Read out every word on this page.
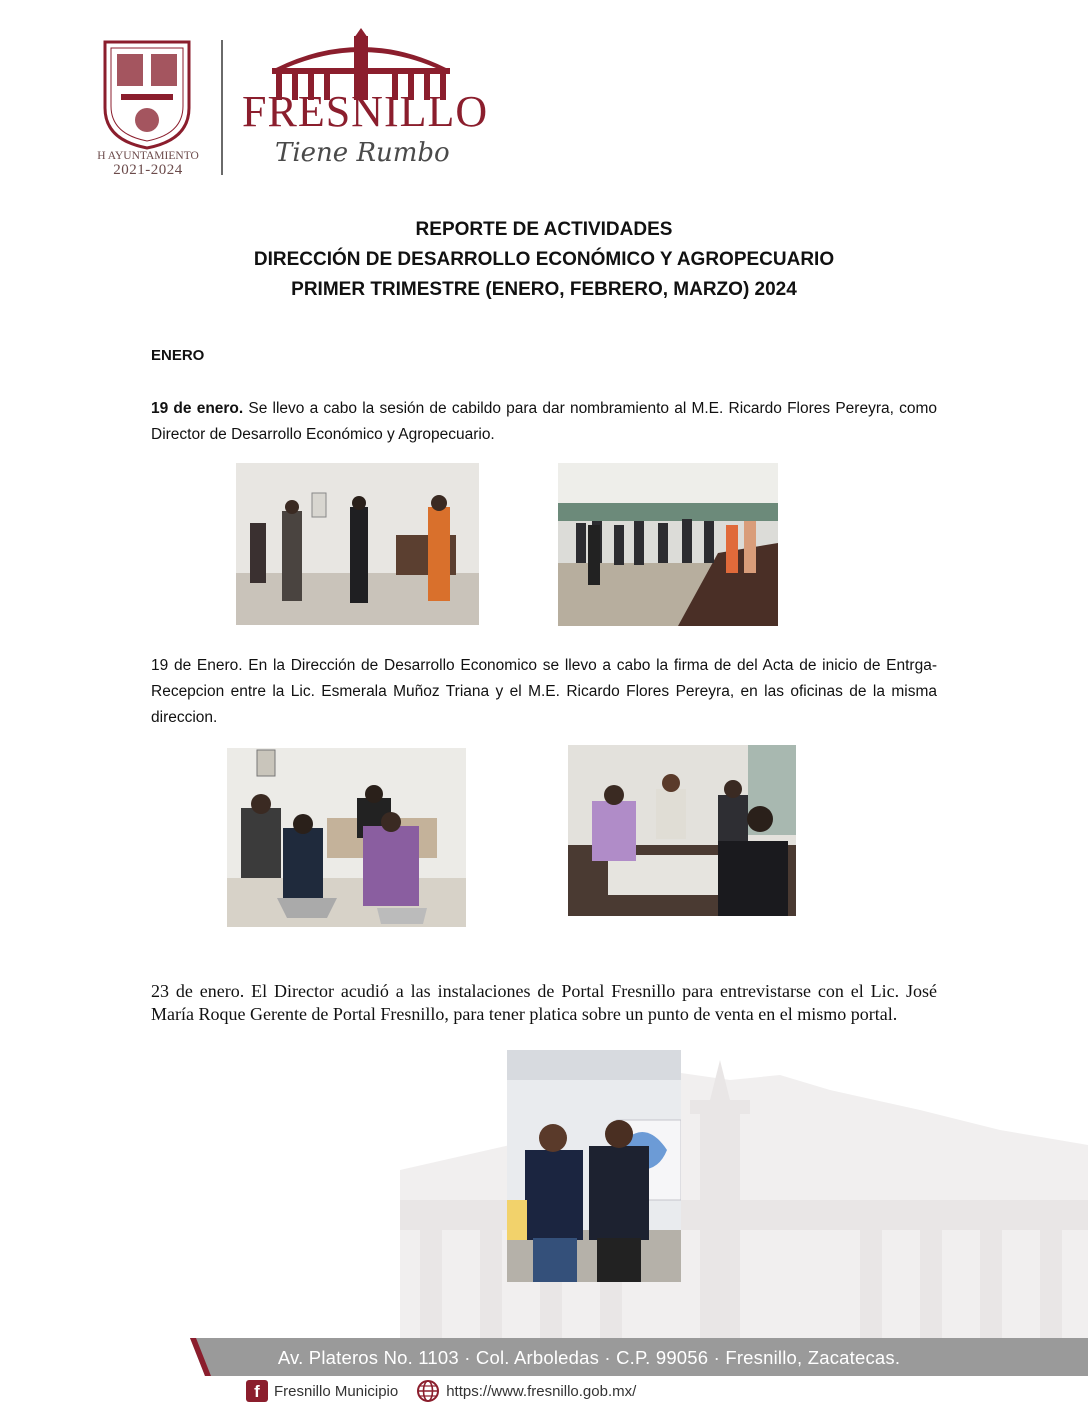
H AYUNTAMIENTO
2021-2024
FRESNILLO
Tiene Rumbo
REPORTE DE ACTIVIDADES
DIRECCIÓN DE DESARROLLO ECONÓMICO Y AGROPECUARIO
PRIMER TRIMESTRE (ENERO, FEBRERO, MARZO) 2024
ENERO
19 de enero. Se llevo a cabo la sesión de cabildo para dar nombramiento al M.E. Ricardo Flores Pereyra, como Director de Desarrollo Económico y Agropecuario.
19 de Enero. En la Dirección de Desarrollo Economico se llevo a cabo la firma de del Acta de inicio de Entrga-Recepcion entre la Lic. Esmerala Muñoz Triana y el M.E. Ricardo Flores Pereyra, en las oficinas de la misma direccion.
23 de enero. El Director acudió a las instalaciones de Portal Fresnillo para entrevistarse con el Lic. José María Roque Gerente de Portal Fresnillo, para tener platica sobre un punto de venta en el mismo portal.
Av. Plateros No. 1103 · Col. Arboledas · C.P. 99056 · Fresnillo, Zacatecas.
f Fresnillo Municipio	https://www.fresnillo.gob.mx/
